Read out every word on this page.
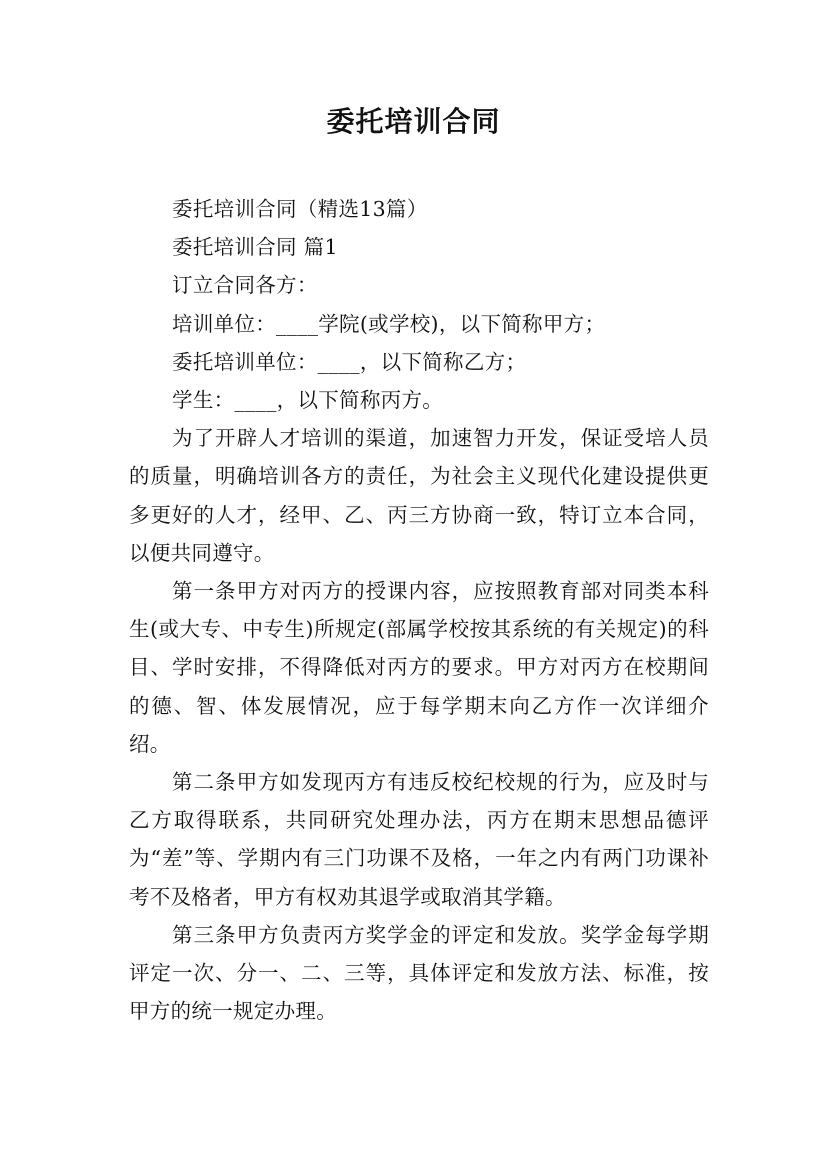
委托培训合同

委托培训合同（精选13篇）

委托培训合同 篇1

订立合同各方：

培训单位：____学院(或学校)，以下简称甲方；

委托培训单位：____，以下简称乙方；

学生：____，以下简称丙方。

为了开辟人才培训的渠道，加速智力开发，保证受培人员的质量，明确培训各方的责任，为社会主义现代化建设提供更多更好的人才，经甲、乙、丙三方协商一致，特订立本合同，以便共同遵守。

第一条甲方对丙方的授课内容，应按照教育部对同类本科生(或大专、中专生)所规定(部属学校按其系统的有关规定)的科目、学时安排，不得降低对丙方的要求。甲方对丙方在校期间的德、智、体发展情况，应于每学期末向乙方作一次详细介绍。

第二条甲方如发现丙方有违反校纪校规的行为，应及时与乙方取得联系，共同研究处理办法，丙方在期末思想品德评为“差”等、学期内有三门功课不及格，一年之内有两门功课补考不及格者，甲方有权劝其退学或取消其学籍。

第三条甲方负责丙方奖学金的评定和发放。奖学金每学期评定一次、分一、二、三等，具体评定和发放方法、标准，按甲方的统一规定办理。
